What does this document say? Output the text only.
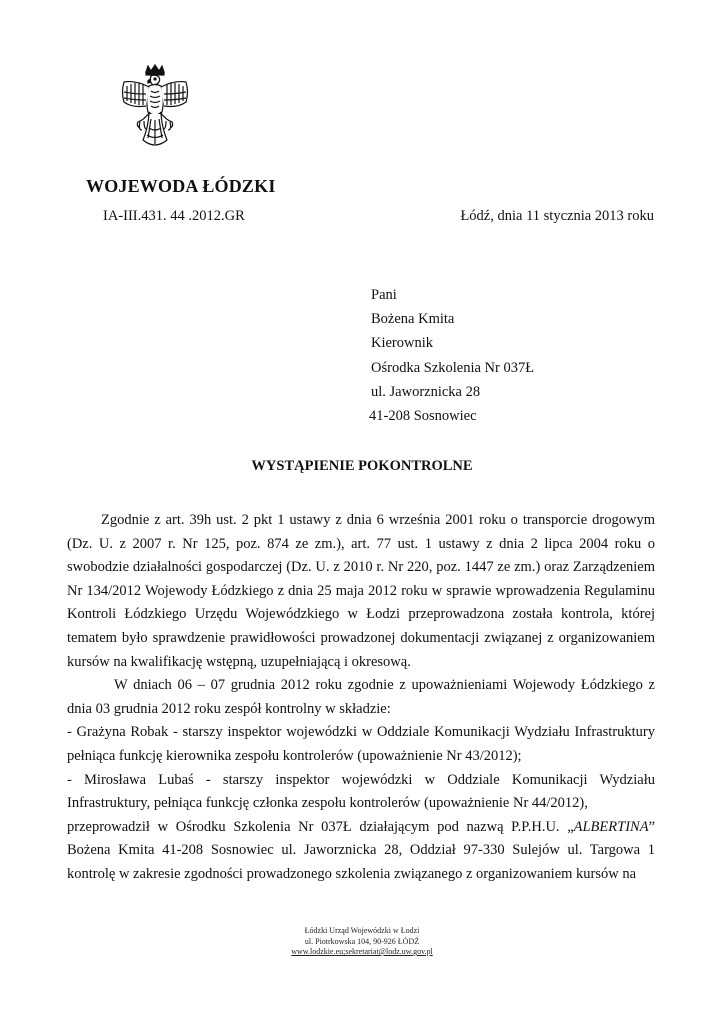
WOJEWODA ŁÓDZKI
IA-III.431. 44 .2012.GR	Łódź, dnia 11 stycznia 2013 roku
Pani
Bożena Kmita
Kierownik
Ośrodka Szkolenia Nr 037Ł
ul. Jaworznicka 28
41-208 Sosnowiec
WYSTĄPIENIE POKONTROLNE

Zgodnie z art. 39h ust. 2 pkt 1 ustawy z dnia 6 września 2001 roku o transporcie drogowym (Dz. U. z 2007 r. Nr 125, poz. 874 ze zm.), art. 77 ust. 1 ustawy z dnia 2 lipca 2004 roku o swobodzie działalności gospodarczej (Dz. U. z 2010 r. Nr 220, poz. 1447 ze zm.) oraz Zarządzeniem Nr 134/2012 Wojewody Łódzkiego z dnia 25 maja 2012 roku w sprawie wprowadzenia Regulaminu Kontroli Łódzkiego Urzędu Wojewódzkiego w Łodzi przeprowadzona została kontrola, której tematem było sprawdzenie prawidłowości prowadzonej dokumentacji związanej z organizowaniem kursów na kwalifikację wstępną, uzupełniającą i okresową.

W dniach 06 – 07 grudnia 2012 roku zgodnie z upoważnieniami Wojewody Łódzkiego z dnia 03 grudnia 2012 roku zespół kontrolny w składzie:

- Grażyna Robak - starszy inspektor wojewódzki w Oddziale Komunikacji Wydziału Infrastruktury pełniąca funkcję kierownika zespołu kontrolerów (upoważnienie Nr 43/2012);

- Mirosława Lubaś - starszy inspektor wojewódzki w Oddziale Komunikacji Wydziału Infrastruktury, pełniąca funkcję członka zespołu kontrolerów (upoważnienie Nr 44/2012),

przeprowadził w Ośrodku Szkolenia Nr 037Ł działającym pod nazwą P.P.H.U. „ALBERTINA” Bożena Kmita 41-208 Sosnowiec ul. Jaworznicka 28, Oddział 97-330 Sulejów ul. Targowa 1 kontrolę w zakresie zgodności prowadzonego szkolenia związanego z organizowaniem kursów na

Łódzki Urząd Wojewódzki w Łodzi
ul. Piotrkowska 104, 90-926 ŁÓDŹ
www.lodzkie.eu;sekretariat@lodz.uw.gov.pl
